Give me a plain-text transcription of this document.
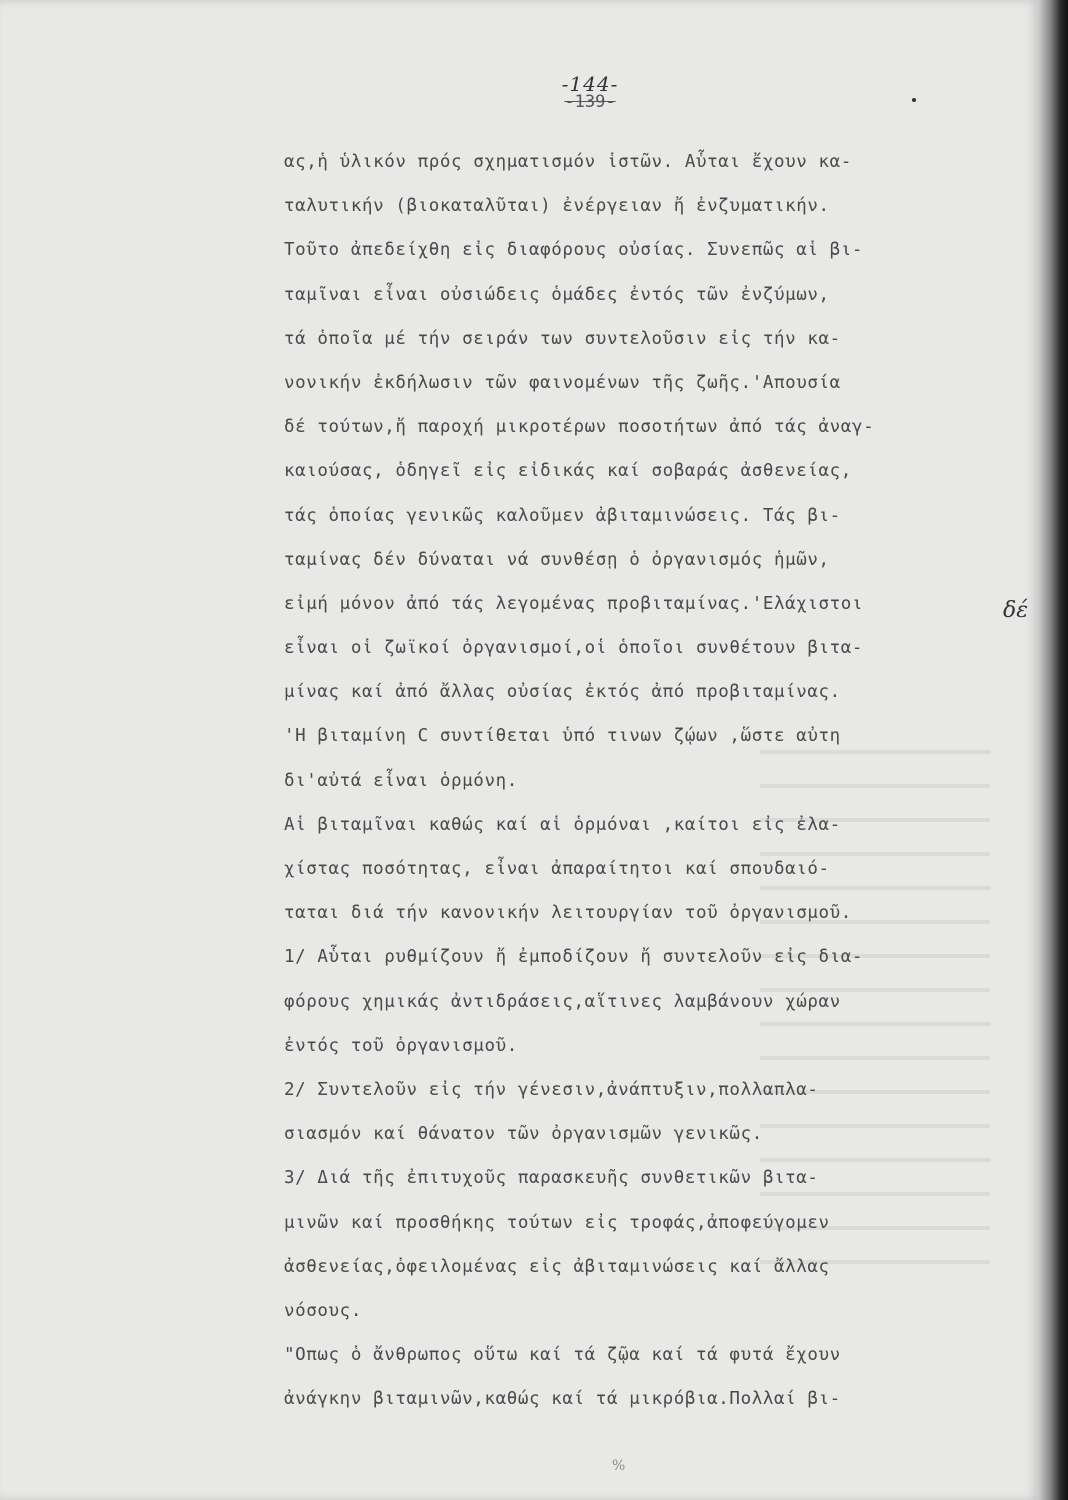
-144-
-139-
ας,ἡ ὑλικόν πρός σχηματισμόν ἱστῶν. Αὗται ἔχουν κα-
ταλυτικήν (βιοκαταλῦται) ἐνέργειαν ἤ ἐνζυματικήν.
Τοῦτο ἀπεδείχθη εἰς διαφόρους οὐσίας. Συνεπῶς αἱ βι-
ταμῖναι εἶναι οὐσιώδεις ὁμάδες ἐντός τῶν ἐνζύμων,
τά ὁποῖα μέ τήν σειράν των συντελοῦσιν εἰς τήν κα-
νονικήν ἐκδήλωσιν τῶν φαινομένων τῆς ζωῆς.'Απουσία
δέ τούτων,ἤ παροχή μικροτέρων ποσοτήτων ἀπό τάς ἀναγ-
καιούσας, ὁδηγεῖ εἰς εἰδικάς καί σοβαράς ἀσθενείας,
τάς ὁποίας γενικῶς καλοῦμεν ἀβιταμινώσεις. Τάς βι-
ταμίνας δέν δύναται νά συνθέσῃ ὁ ὀργανισμός ἡμῶν,
εἰμή μόνον ἀπό τάς λεγομένας προβιταμίνας.'Ελάχιστοι
εἶναι οἱ ζωϊκοί ὀργανισμοί,οἱ ὁποῖοι συνθέτουν βιτα-
μίνας καί ἀπό ἄλλας οὐσίας ἐκτός ἀπό προβιταμίνας.
'Η βιταμίνη C συντίθεται ὑπό τινων ζῴων ,ὥστε αὐτη
δι'αὐτά εἶναι ὁρμόνη.
Αἱ βιταμῖναι καθώς καί αἱ ὁρμόναι ,καίτοι εἰς ἐλα-
χίστας ποσότητας, εἶναι ἀπαραίτητοι καί σπουδαιό-
ταται διά τήν κανονικήν λειτουργίαν τοῦ ὀργανισμοῦ.
1/ Αὗται ρυθμίζουν ἤ ἐμποδίζουν ἤ συντελοῦν εἰς δια-
φόρους χημικάς ἀντιδράσεις,αἵτινες λαμβάνουν χώραν
ἐντός τοῦ ὀργανισμοῦ.
2/ Συντελοῦν εἰς τήν γένεσιν,ἀνάπτυξιν,πολλαπλα-
σιασμόν καί θάνατον τῶν ὀργανισμῶν γενικῶς.
3/ Διά τῆς ἐπιτυχοῦς παρασκευῆς συνθετικῶν βιτα-
μινῶν καί προσθήκης τούτων εἰς τροφάς,ἀποφεύγομεν
ἀσθενείας,ὀφειλομένας εἰς ἀβιταμινώσεις καί ἄλλας
νόσους.
"Οπως ὁ ἄνθρωπος οὕτω καί τά ζῷα καί τά φυτά ἔχουν
ἀνάγκην βιταμινῶν,καθώς καί τά μικρόβια.Πολλαί βι-
δέ
%
